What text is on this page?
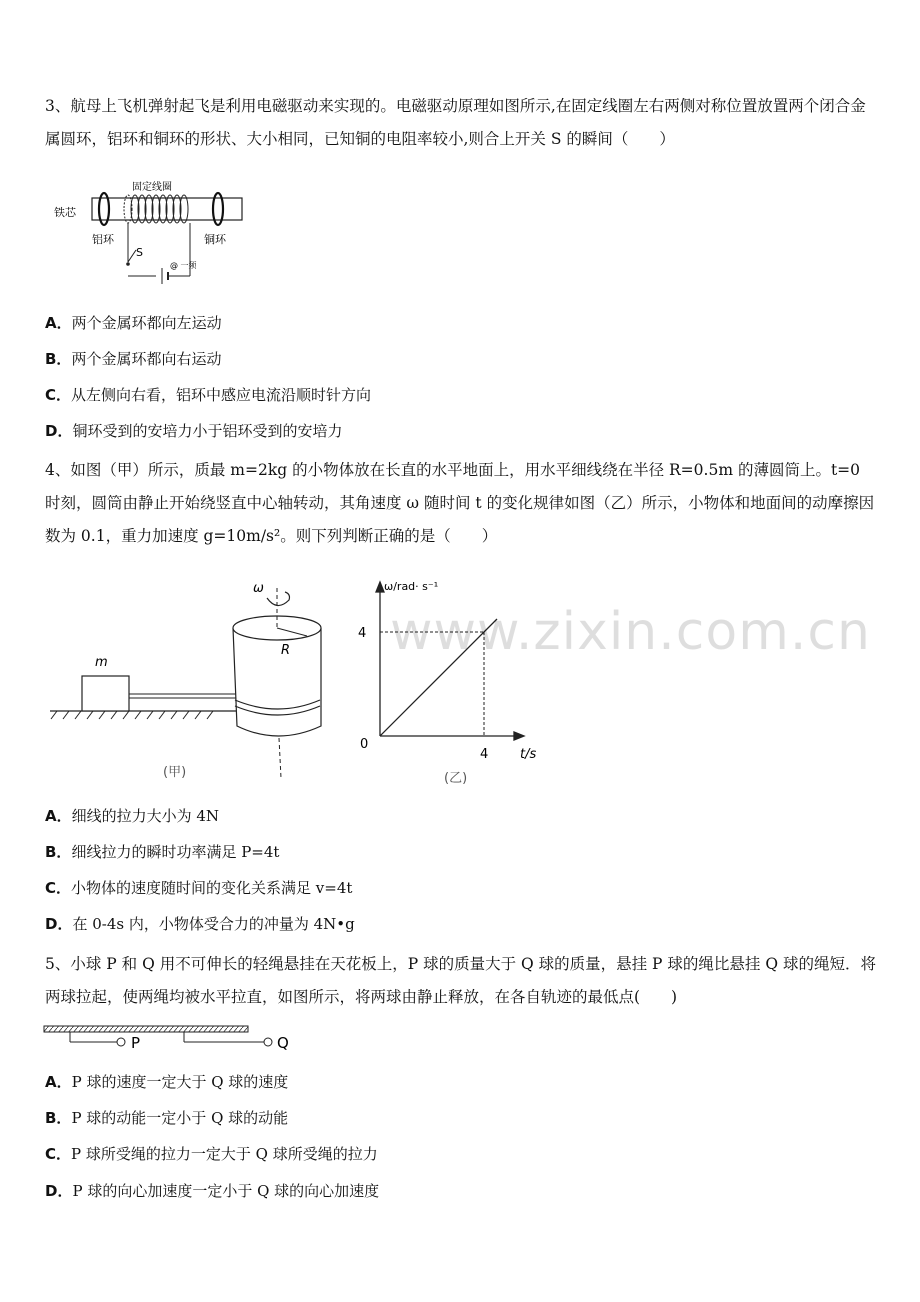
3、航母上飞机弹射起飞是利用电磁驱动来实现的。电磁驱动原理如图所示,在固定线圈左右两侧对称位置放置两个闭合金属圆环，铝环和铜环的形状、大小相同，已知铜的电阻率较小,则合上开关 S 的瞬间（　　）
铁芯
固定线圈
铝环	铜环
S
@ 一须
A．两个金属环都向左运动
B．两个金属环都向右运动
C．从左侧向右看，铝环中感应电流沿顺时针方向
D．铜环受到的安培力小于铝环受到的安培力
4、如图（甲）所示，质最 m=2kg 的小物体放在长直的水平地面上，用水平细线绕在半径 R=0.5m 的薄圆筒上。t=0 时刻，圆筒由静止开始绕竖直中心轴转动，其角速度 ω 随时间 t 的变化规律如图（乙）所示，小物体和地面间的动摩擦因数为 0.1，重力加速度 g=10m/s²。则下列判断正确的是（　　）
m
ω
R
(甲)
ω/rad· s⁻¹
t/s
0
4
4
(乙)
www.zixin.com.cn
A．细线的拉力大小为 4N
B．细线拉力的瞬时功率满足 P=4t
C．小物体的速度随时间的变化关系满足 v=4t
D．在 0-4s 内，小物体受合力的冲量为 4N•g
5、小球 P 和 Q 用不可伸长的轻绳悬挂在天花板上，P 球的质量大于 Q 球的质量，悬挂 P 球的绳比悬挂 Q 球的绳短．将两球拉起，使两绳均被水平拉直，如图所示，将两球由静止释放，在各自轨迹的最低点(　　)
P	Q
A．P 球的速度一定大于 Q 球的速度
B．P 球的动能一定小于 Q 球的动能
C．P 球所受绳的拉力一定大于 Q 球所受绳的拉力
D．P 球的向心加速度一定小于 Q 球的向心加速度
